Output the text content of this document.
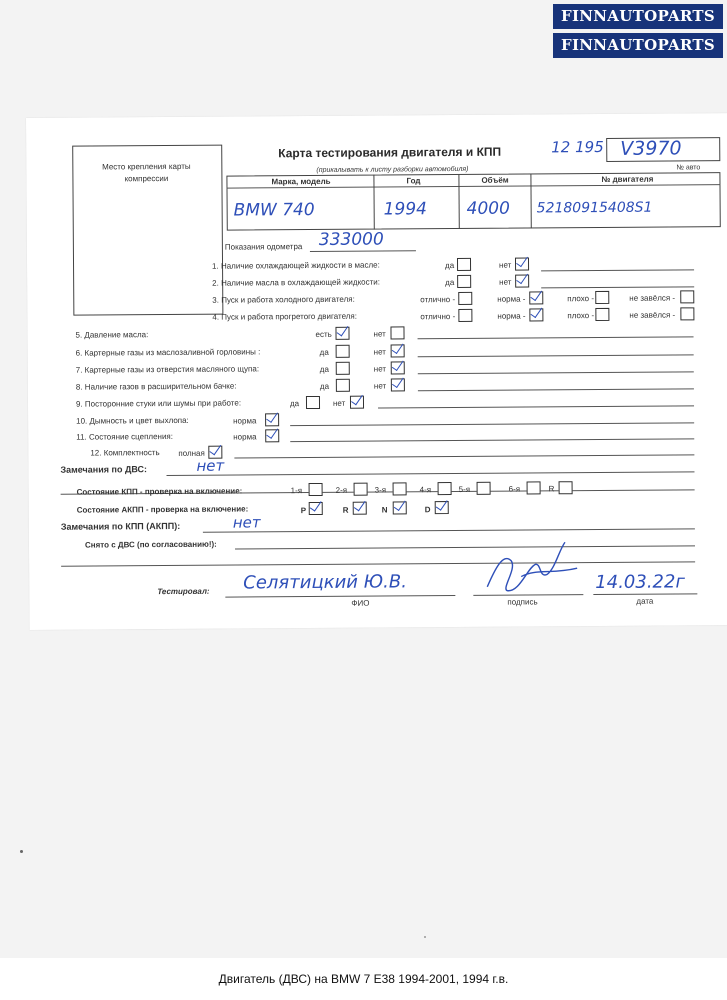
FINNAUTOPARTS
FINNAUTOPARTS
Место крепления карты компрессии
Карта тестирования двигателя и КПП	12 195 V3970
(прикалывать к листу разборки автомобиля)	№ авто
Марка, модель	Год	Объём	№ двигателя
BMW 740	1994 4000 52180915408S1
Показания одометра 333000
1. Наличие охлаждающей жидкости в масле:	да	нет
2. Наличие масла в охлаждающей жидкости:	да	нет
3. Пуск и работа холодного двигателя:	отлично -	норма -	плохо -	не завёлся -
4. Пуск и работа прогретого двигателя:	отлично -	норма -	плохо -	не завёлся -
5. Давление масла:	есть	нет
6. Картерные газы из маслозаливной горловины :	да	нет
7. Картерные газы из отверстия масляного щупа:	да	нет
8. Наличие газов в расширительном бачке:	да	нет
9. Посторонние стуки или шумы при работе:	да	нет
10. Дымность и цвет выхлопа:	норма
11. Состояние сцепления:	норма
12. Комплектность полная
Замечания по ДВС:	нет
Состояние КПП - проверка на включение:	1-я	2-я	3-я	4-я	5-я	6-я	R
Состояние АКПП - проверка на включение:	P	R	N	D
Замечания по КПП (АКПП):	нет
Снято с ДВС (по согласованию!):
Тестировал: Селятицкий Ю.В.
ФИО	подпись
14.03.22г
дата
Двигатель (ДВС) на BMW 7 E38 1994-2001, 1994 г.в.
